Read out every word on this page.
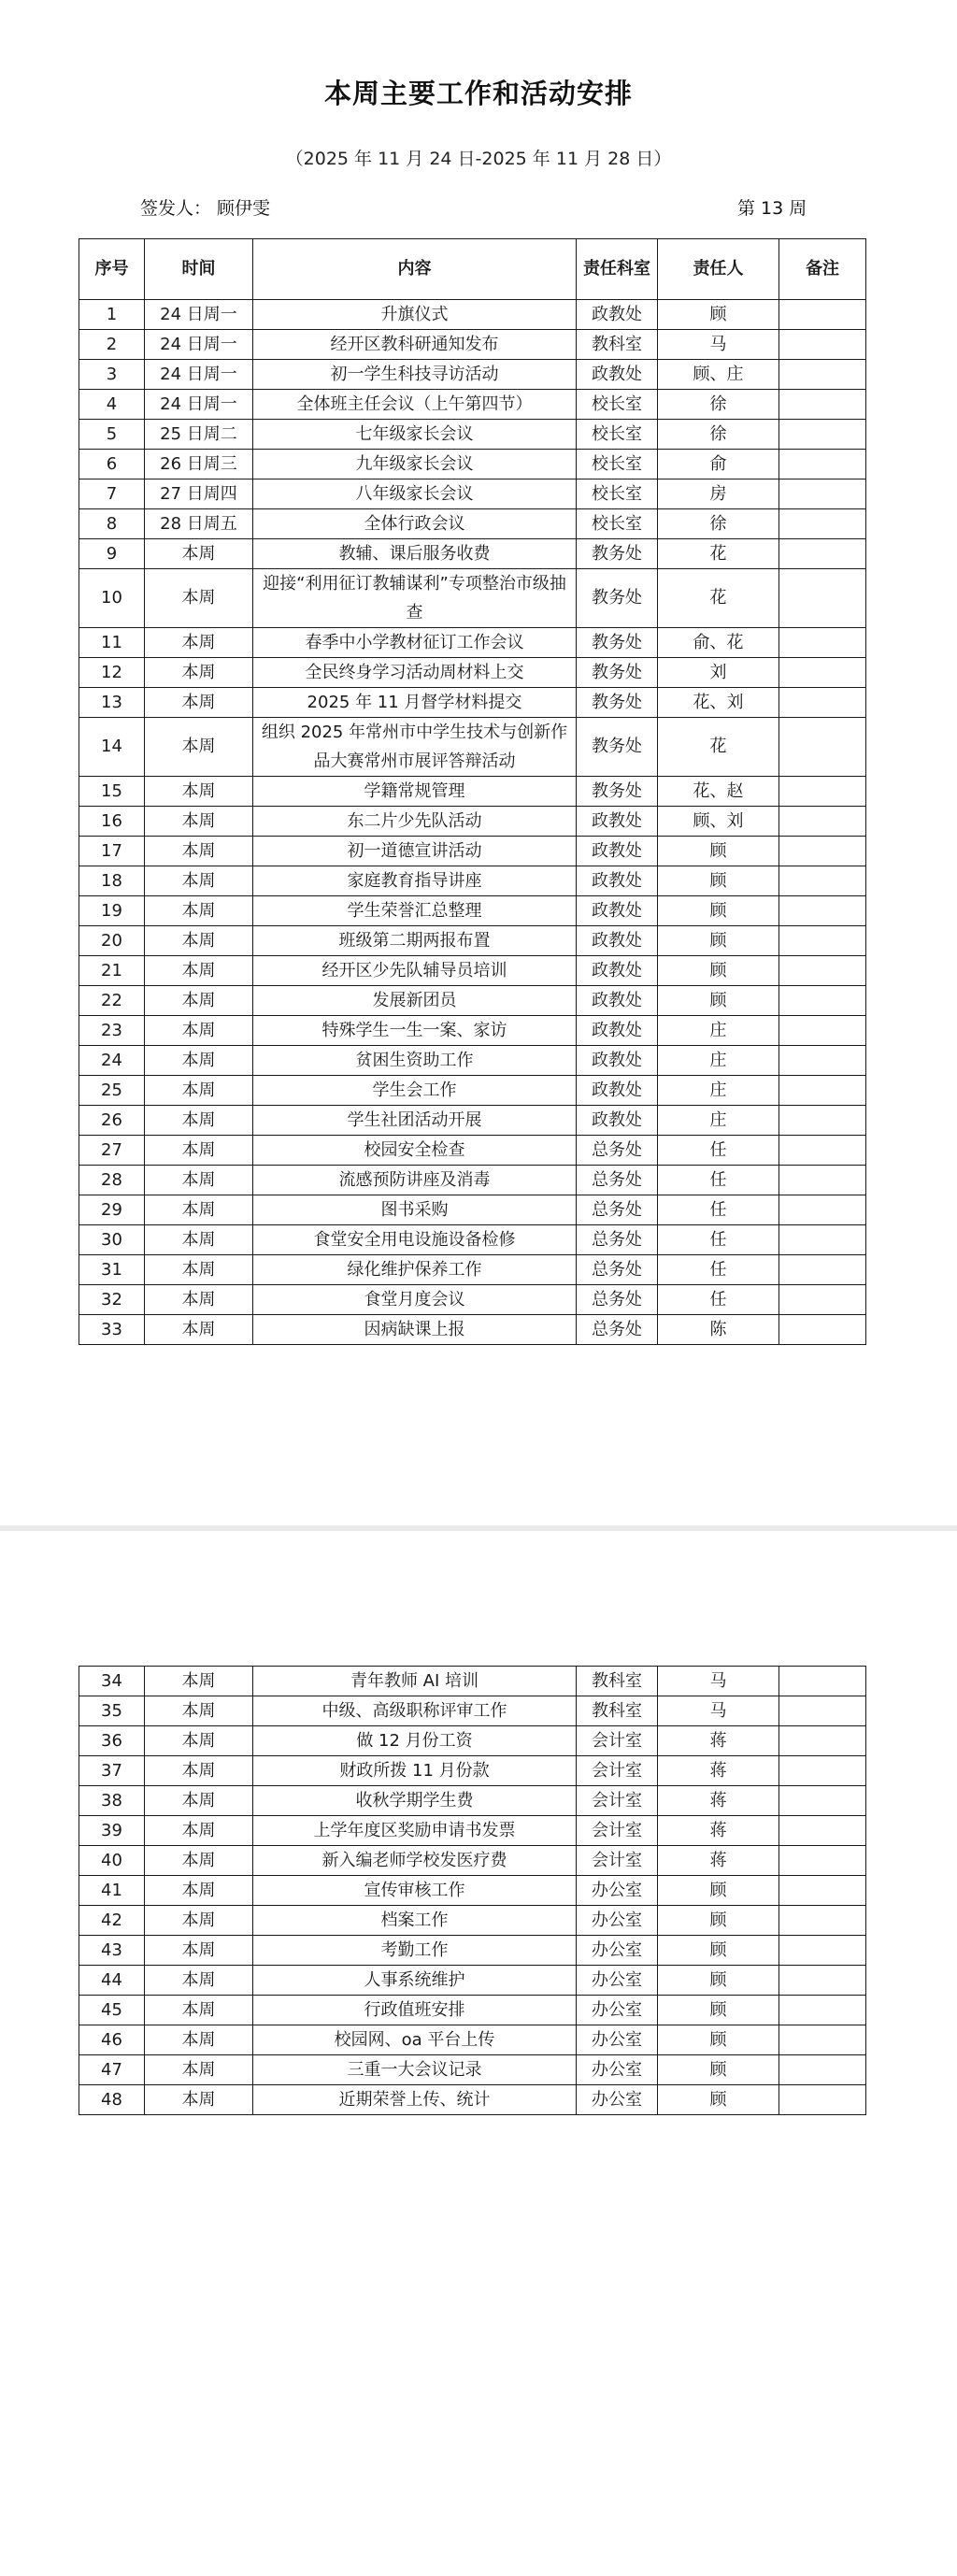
本周主要工作和活动安排
（2025 年 11 月 24 日-2025 年 11 月 28 日）
签发人： 顾伊雯	第 13 周
序号	时间	内容	责任科室	责任人	备注
1	24 日周一	升旗仪式	政教处	顾	
2	24 日周一	经开区教科研通知发布	教科室	马	
3	24 日周一	初一学生科技寻访活动	政教处	顾、庄	
4	24 日周一	全体班主任会议（上午第四节）	校长室	徐	
5	25 日周二	七年级家长会议	校长室	徐	
6	26 日周三	九年级家长会议	校长室	俞	
7	27 日周四	八年级家长会议	校长室	房	
8	28 日周五	全体行政会议	校长室	徐	
9	本周	教辅、课后服务收费	教务处	花	
10	本周	迎接“利用征订教辅谋利”专项整治市级抽查	教务处	花	
11	本周	春季中小学教材征订工作会议	教务处	俞、花	
12	本周	全民终身学习活动周材料上交	教务处	刘	
13	本周	2025 年 11 月督学材料提交	教务处	花、刘	
14	本周	组织 2025 年常州市中学生技术与创新作品大赛常州市展评答辩活动	教务处	花	
15	本周	学籍常规管理	教务处	花、赵	
16	本周	东二片少先队活动	政教处	顾、刘	
17	本周	初一道德宣讲活动	政教处	顾	
18	本周	家庭教育指导讲座	政教处	顾	
19	本周	学生荣誉汇总整理	政教处	顾	
20	本周	班级第二期两报布置	政教处	顾	
21	本周	经开区少先队辅导员培训	政教处	顾	
22	本周	发展新团员	政教处	顾	
23	本周	特殊学生一生一案、家访	政教处	庄	
24	本周	贫困生资助工作	政教处	庄	
25	本周	学生会工作	政教处	庄	
26	本周	学生社团活动开展	政教处	庄	
27	本周	校园安全检查	总务处	任	
28	本周	流感预防讲座及消毒	总务处	任	
29	本周	图书采购	总务处	任	
30	本周	食堂安全用电设施设备检修	总务处	任	
31	本周	绿化维护保养工作	总务处	任	
32	本周	食堂月度会议	总务处	任	
33	本周	因病缺课上报	总务处	陈	
34	本周	青年教师 AI 培训	教科室	马	
35	本周	中级、高级职称评审工作	教科室	马	
36	本周	做 12 月份工资	会计室	蒋	
37	本周	财政所拨 11 月份款	会计室	蒋	
38	本周	收秋学期学生费	会计室	蒋	
39	本周	上学年度区奖励申请书发票	会计室	蒋	
40	本周	新入编老师学校发医疗费	会计室	蒋	
41	本周	宣传审核工作	办公室	顾	
42	本周	档案工作	办公室	顾	
43	本周	考勤工作	办公室	顾	
44	本周	人事系统维护	办公室	顾	
45	本周	行政值班安排	办公室	顾	
46	本周	校园网、oa 平台上传	办公室	顾	
47	本周	三重一大会议记录	办公室	顾	
48	本周	近期荣誉上传、统计	办公室	顾	
